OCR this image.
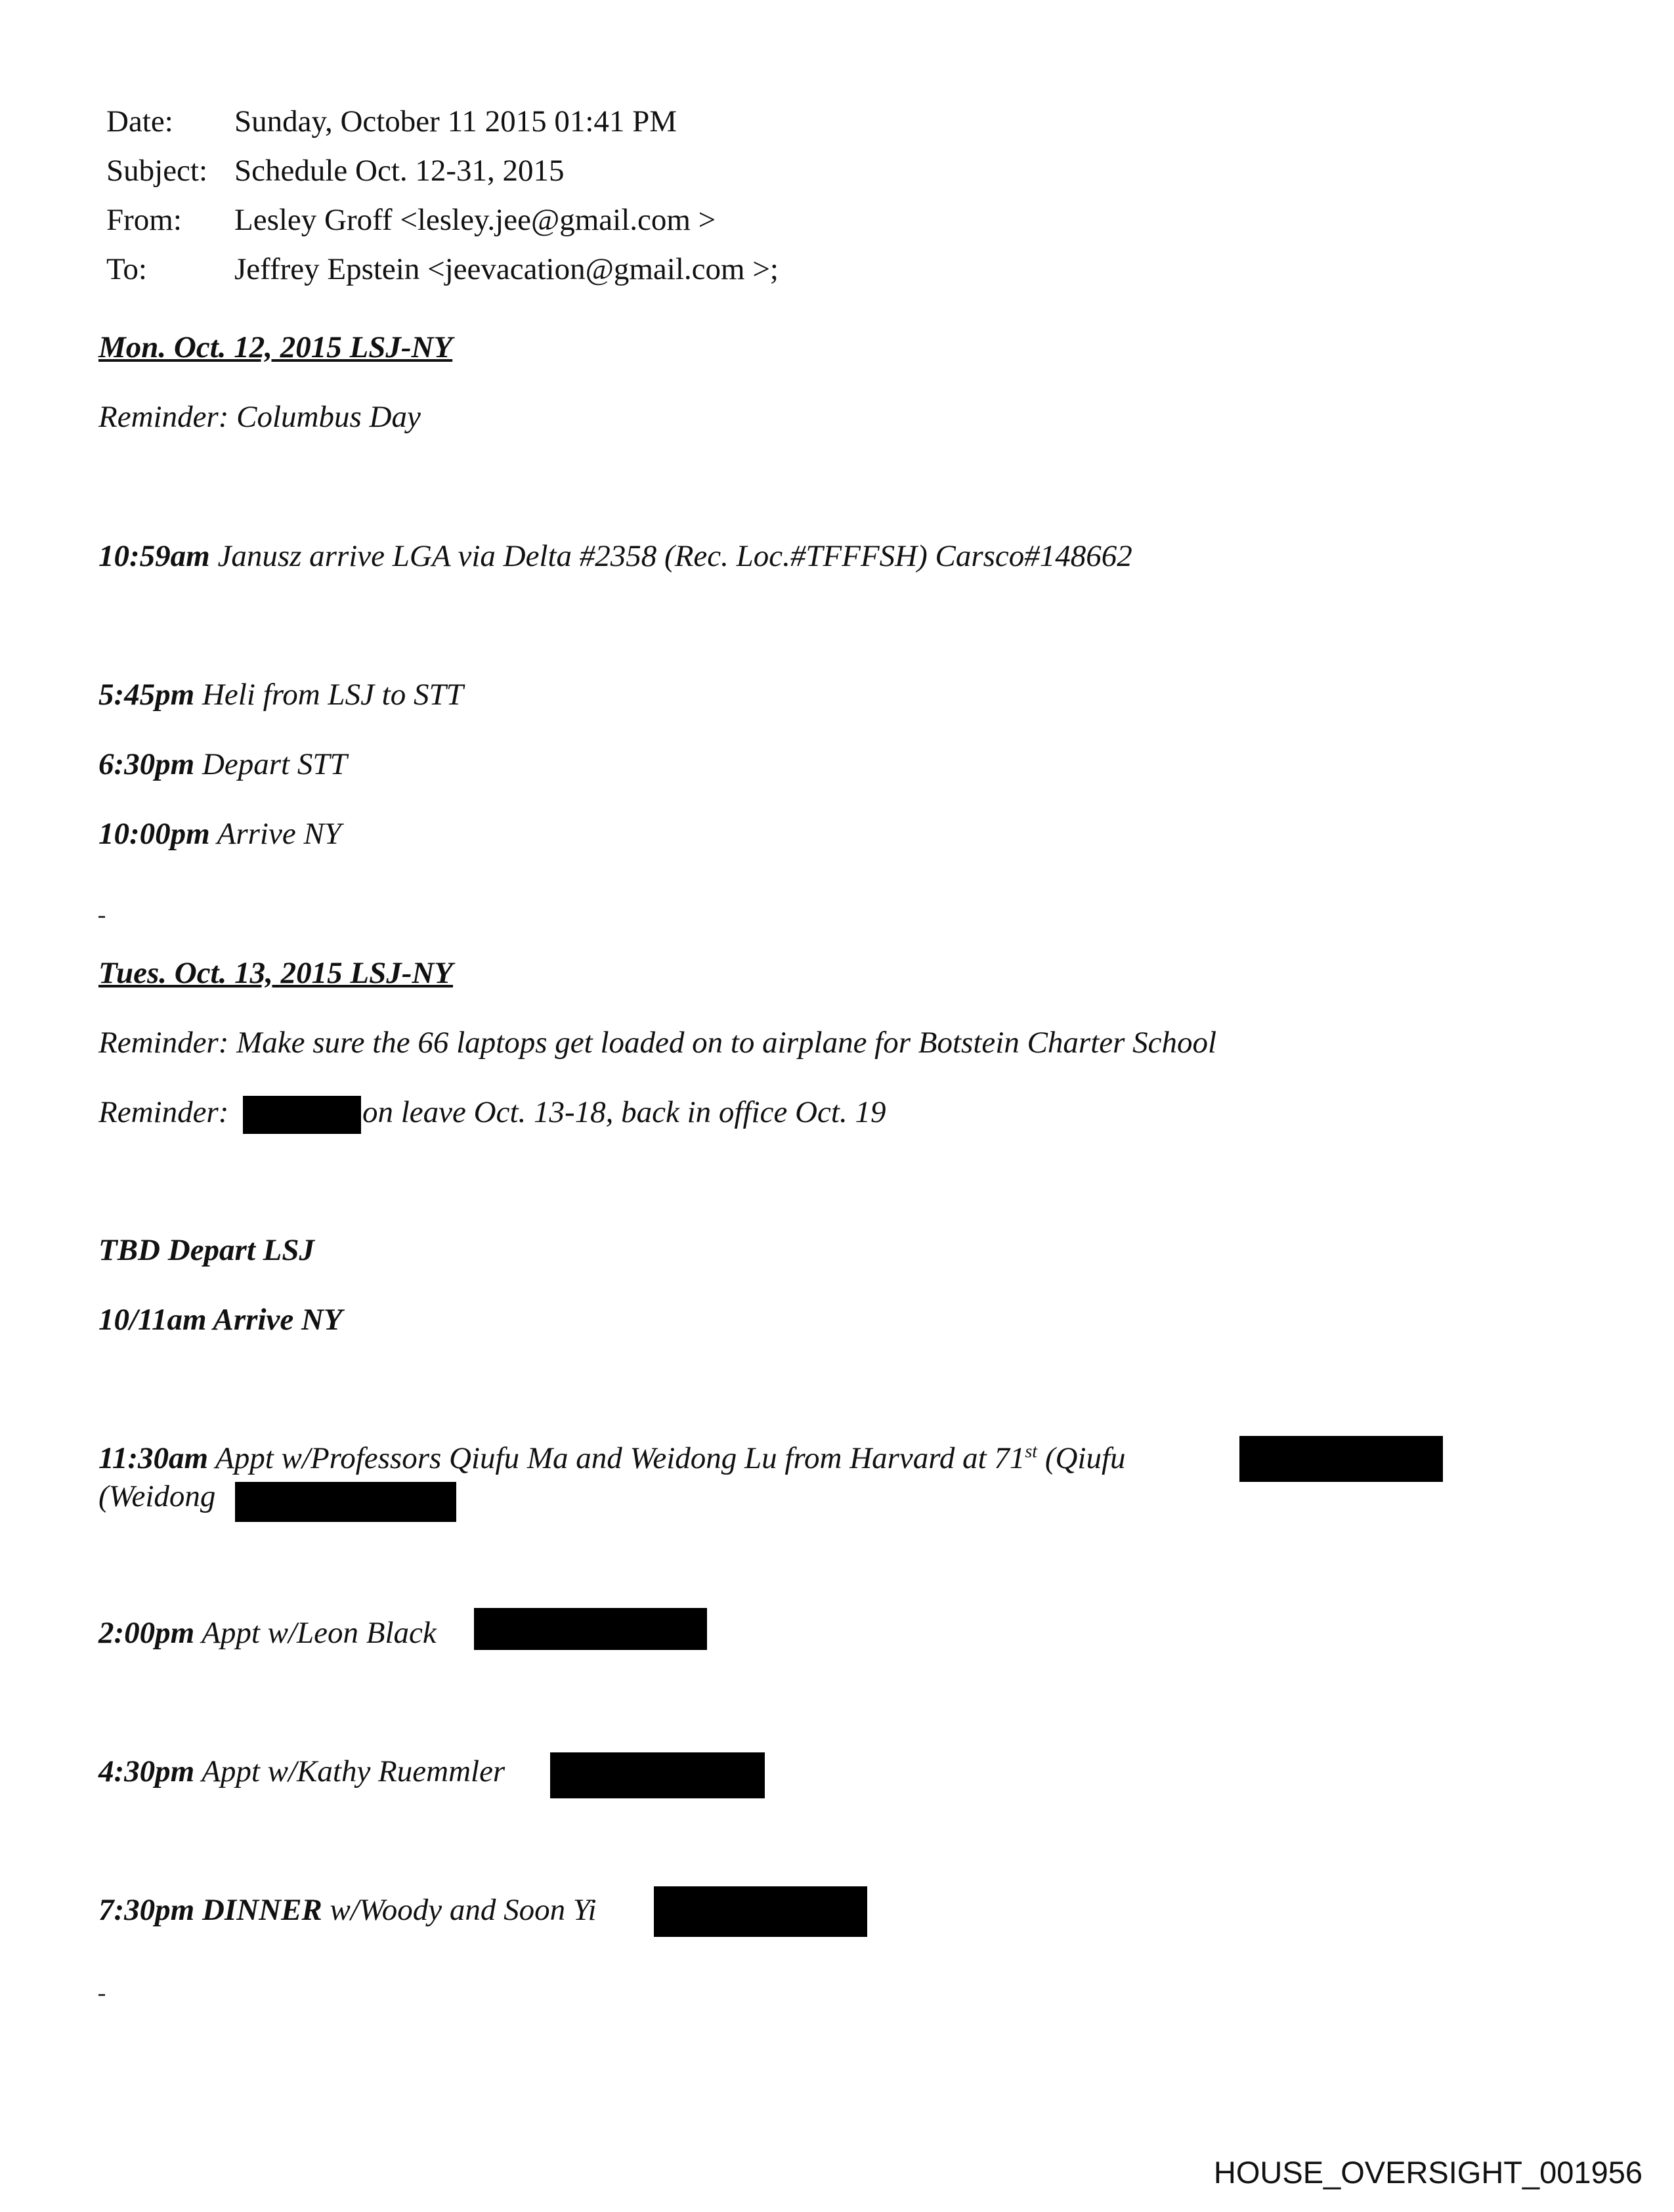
Date: Sunday, October 11 2015 01:41 PM
Subject: Schedule Oct. 12-31, 2015
From: Lesley Groff <lesley.jee@gmail.com >
To:	Jeffrey Epstein <jeevacation@gmail.com >;
Mon. Oct. 12, 2015 LSJ-NY
Reminder: Columbus Day
10:59am Janusz arrive LGA via Delta #2358 (Rec. Loc.#TFFFSH) Carsco#148662
5:45pm Heli from LSJ to STT
6:30pm Depart STT
10:00pm Arrive NY
Tues. Oct. 13, 2015 LSJ-NY
Reminder: Make sure the 66 laptops get loaded on to airplane for Botstein Charter School
Reminder:	on leave Oct. 13-18, back in office Oct. 19
TBD Depart LSJ
10/11am Arrive NY
11:30am Appt w/Professors Qiufu Ma and Weidong Lu from Harvard at 71st (Qiufu
(Weidong
2:00pm Appt w/Leon Black
4:30pm Appt w/Kathy Ruemmler
7:30pm DINNER w/Woody and Soon Yi
HOUSE_OVERSIGHT_001956
